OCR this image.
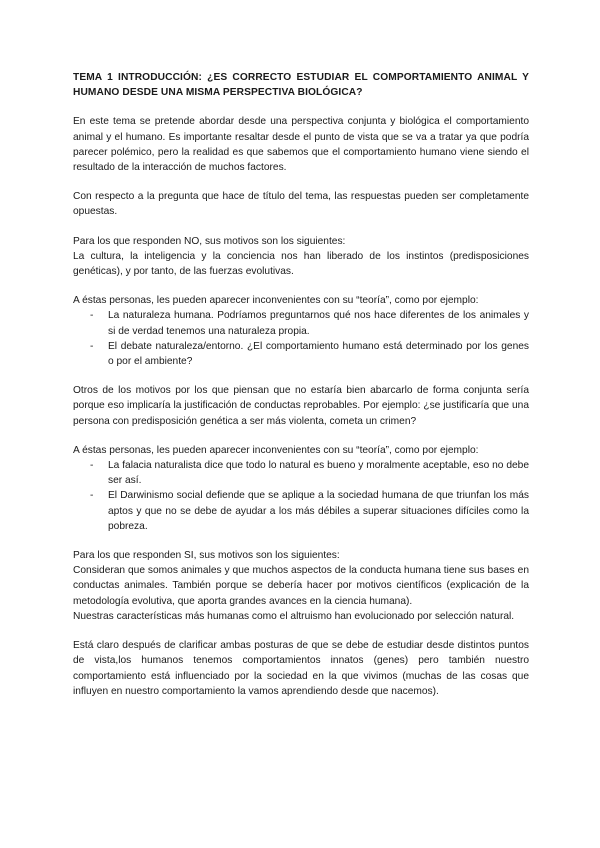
TEMA 1 INTRODUCCIÓN: ¿ES CORRECTO ESTUDIAR EL COMPORTAMIENTO ANIMAL Y HUMANO DESDE UNA MISMA PERSPECTIVA BIOLÓGICA?

En este tema se pretende abordar desde una perspectiva conjunta y biológica el comportamiento animal y el humano. Es importante resaltar desde el punto de vista que se va a tratar ya que podría parecer polémico, pero la realidad es que sabemos que el comportamiento humano viene siendo el resultado de la interacción de muchos factores.

Con respecto a la pregunta que hace de título del tema, las respuestas pueden ser completamente opuestas.

Para los que responden NO, sus motivos son los siguientes:

La cultura, la inteligencia y la conciencia nos han liberado de los instintos (predisposiciones genéticas), y por tanto, de las fuerzas evolutivas.

A éstas personas, les pueden aparecer inconvenientes con su “teoría”, como por ejemplo:

- La naturaleza humana. Podríamos preguntarnos qué nos hace diferentes de los animales y si de verdad tenemos una naturaleza propia.
- El debate naturaleza/entorno. ¿El comportamiento humano está determinado por los genes o por el ambiente?

Otros de los motivos por los que piensan que no estaría bien abarcarlo de forma conjunta sería porque eso implicaría la justificación de conductas reprobables. Por ejemplo: ¿se justificaría que una persona con predisposición genética a ser más violenta, cometa un crimen?

A éstas personas, les pueden aparecer inconvenientes con su “teoría”, como por ejemplo:

- La falacia naturalista dice que todo lo natural es bueno y moralmente aceptable, eso no debe ser así.
- El Darwinismo social defiende que se aplique a la sociedad humana de que triunfan los más aptos y que no se debe de ayudar a los más débiles a superar situaciones difíciles como la pobreza.

Para los que responden SI, sus motivos son los siguientes:

Consideran que somos animales y que muchos aspectos de la conducta humana tiene sus bases en conductas animales. También porque se debería hacer por motivos científicos (explicación de la metodología evolutiva, que aporta grandes avances en la ciencia humana).

Nuestras características más humanas como el altruismo han evolucionado por selección natural.

Está claro después de clarificar ambas posturas de que se debe de estudiar desde distintos puntos de vista,los humanos tenemos comportamientos innatos (genes) pero también nuestro comportamiento está influenciado por la sociedad en la que vivimos (muchas de las cosas que influyen en nuestro comportamiento la vamos aprendiendo desde que nacemos).
